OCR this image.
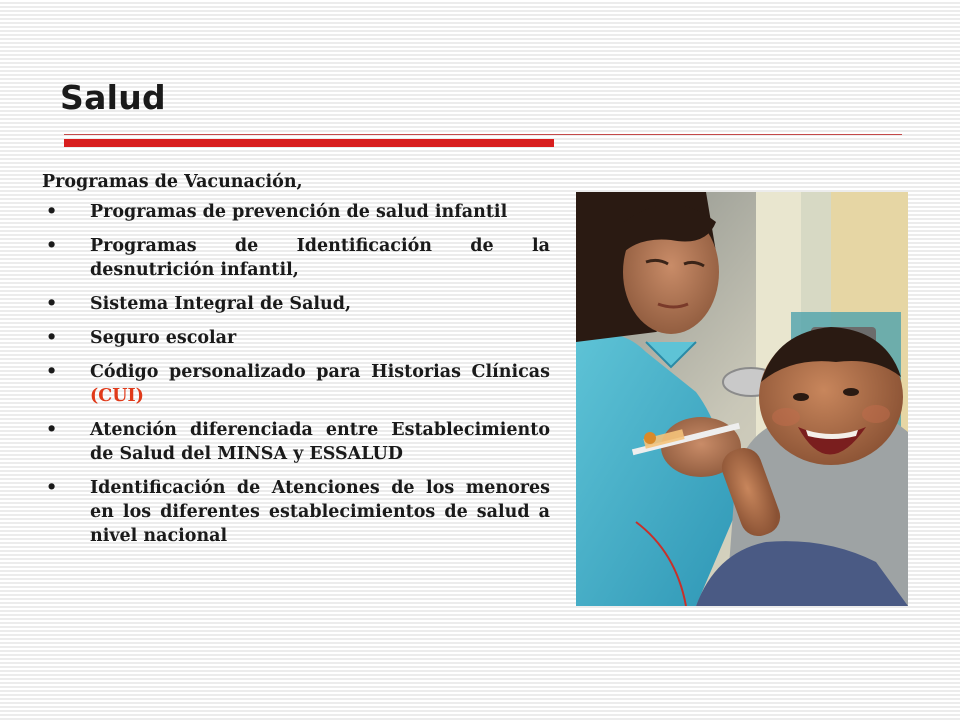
Salud
Programas de Vacunación,
• Programas de prevención de salud infantil
• Programas de Identificación de la desnutrición infantil,
• Sistema Integral de Salud,
• Seguro escolar
• Código personalizado para Historias Clínicas (CUI)
• Atención diferenciada entre Establecimiento de Salud del MINSA y ESSALUD
• Identificación de Atenciones de los menores en los diferentes establecimientos de salud a nivel nacional
